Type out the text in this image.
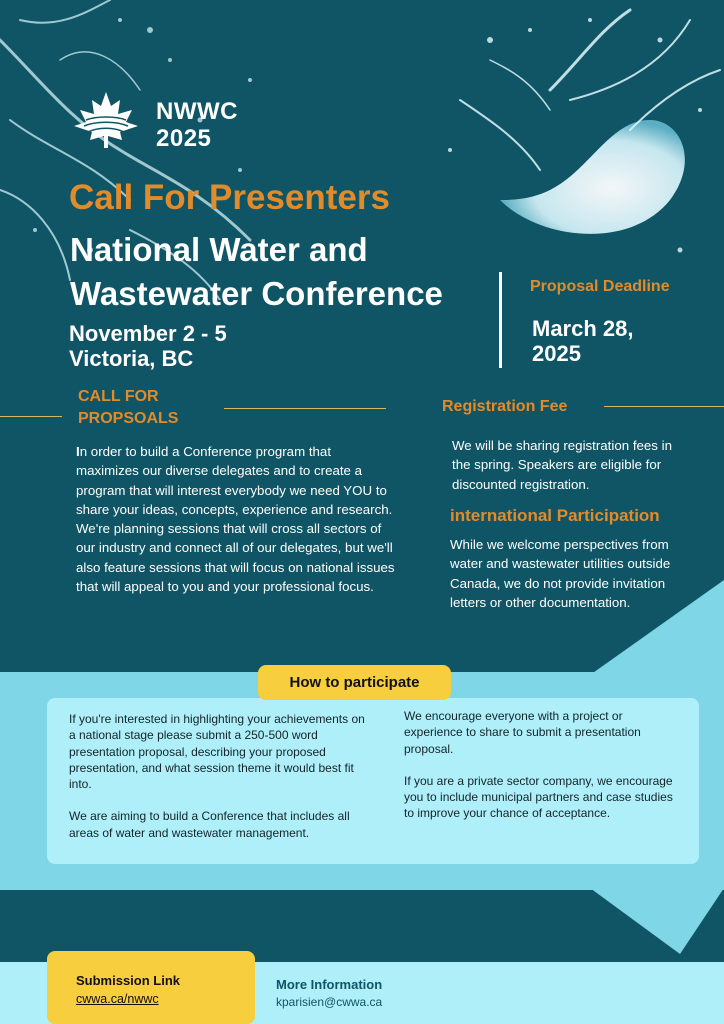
NWWC
2025
Call For Presenters
National Water and Wastewater Conference
November 2 - 5
Victoria, BC
Proposal Deadline
March 28,
2025
CALL FOR
PROPSOALS
In order to build a Conference program that maximizes our diverse delegates and to create a program that will interest everybody we need YOU to share your ideas, concepts, experience and research. We're planning sessions that will cross all sectors of our industry and connect all of our delegates, but we'll also feature sessions that will focus on national issues that will appeal to you and your professional focus.
Registration Fee
We will be sharing registration fees in the spring. Speakers are eligible for discounted registration.
international Participation
While we welcome perspectives from water and wastewater utilities outside Canada, we do not provide invitation letters or other documentation.
How to participate

If you're interested in highlighting your achievements on a national stage please submit a 250-500 word presentation proposal, describing your proposed presentation, and what session theme it would best fit into.

We are aiming to build a Conference that includes all areas of water and wastewater management.

We encourage everyone with a project or experience to share to submit a presentation proposal.

If you are a private sector company, we encourage you to include municipal partners and case studies to improve your chance of acceptance.

Submission Link
cwwa.ca/nwwc
More Information
kparisien@cwwa.ca
